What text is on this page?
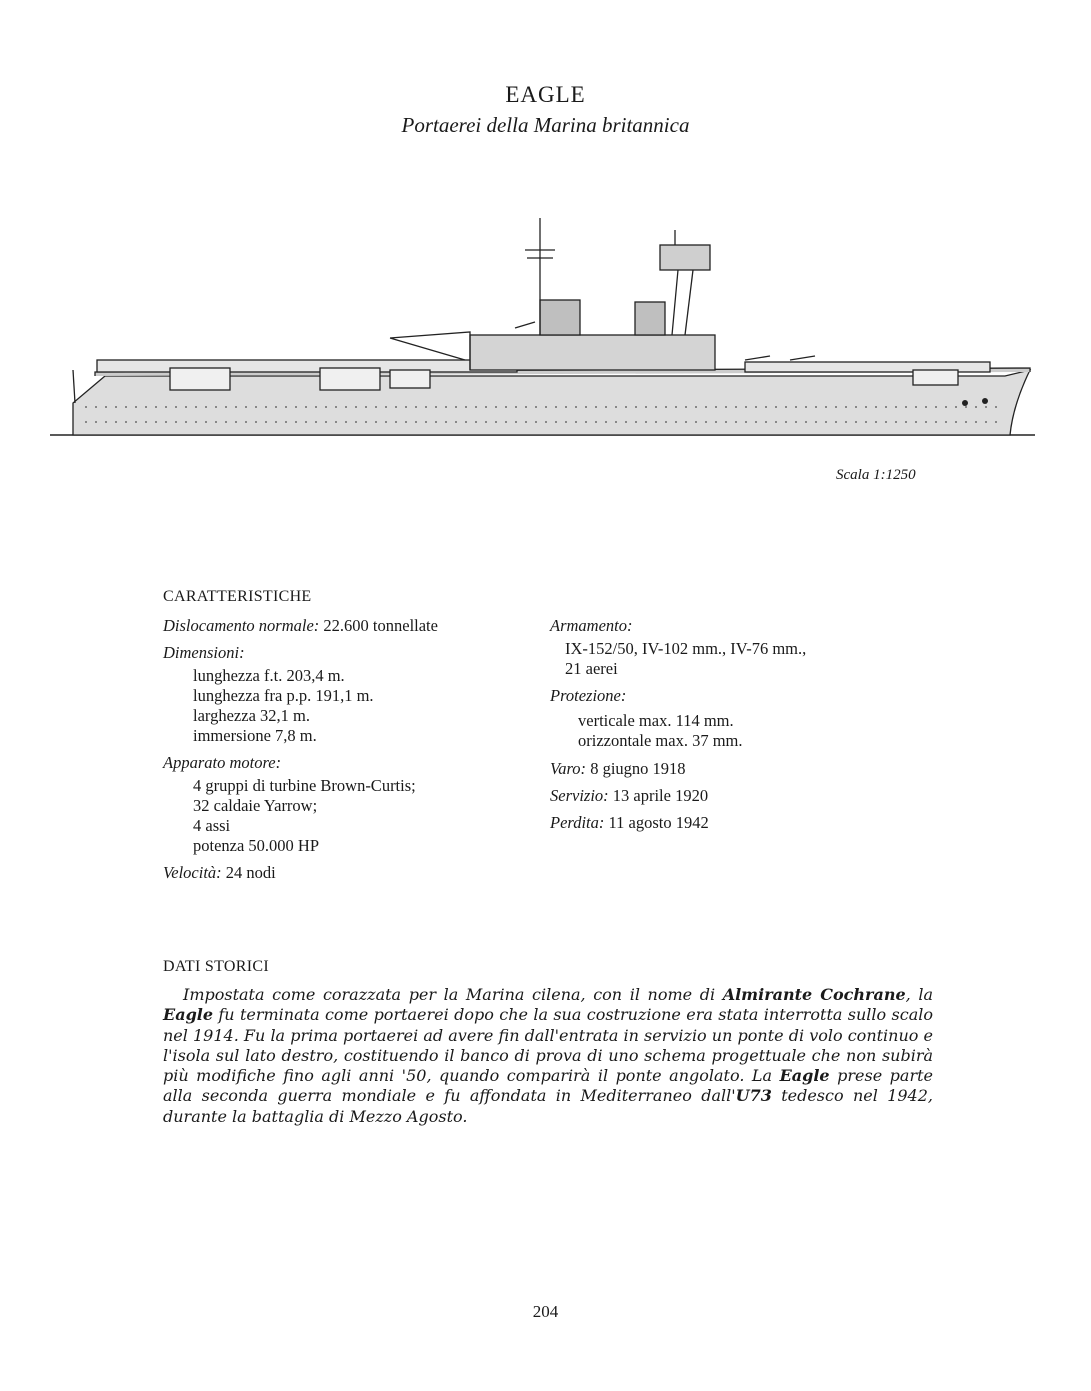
EAGLE
Portaerei della Marina britannica
Scala 1:1250
CARATTERISTICHE
Dislocamento normale: 22.600 tonnellate
Dimensioni:
lunghezza f.t. 203,4 m.
lunghezza fra p.p. 191,1 m.
larghezza 32,1 m.
immersione 7,8 m.
Apparato motore:
4 gruppi di turbine Brown-Curtis;
32 caldaie Yarrow;
4 assi
potenza 50.000 HP
Velocità: 24 nodi
Armamento:
IX-152/50, IV-102 mm., IV-76 mm.,
21 aerei
Protezione:
verticale max. 114 mm.
orizzontale max. 37 mm.
Varo: 8 giugno 1918
Servizio: 13 aprile 1920
Perdita: 11 agosto 1942
DATI STORICI
Impostata come corazzata per la Marina cilena, con il nome di Almirante Cochrane, la Eagle fu terminata come portaerei dopo che la sua costruzione era stata interrotta sullo scalo nel 1914. Fu la prima portaerei ad avere fin dall'entrata in servizio un ponte di volo continuo e l'isola sul lato destro, costituendo il banco di prova di uno schema progettuale che non subirà più modifiche fino agli anni '50, quando comparirà il ponte angolato. La Eagle prese parte alla seconda guerra mondiale e fu affondata in Mediterraneo dall'U73 tedesco nel 1942, durante la battaglia di Mezzo Agosto.
204
